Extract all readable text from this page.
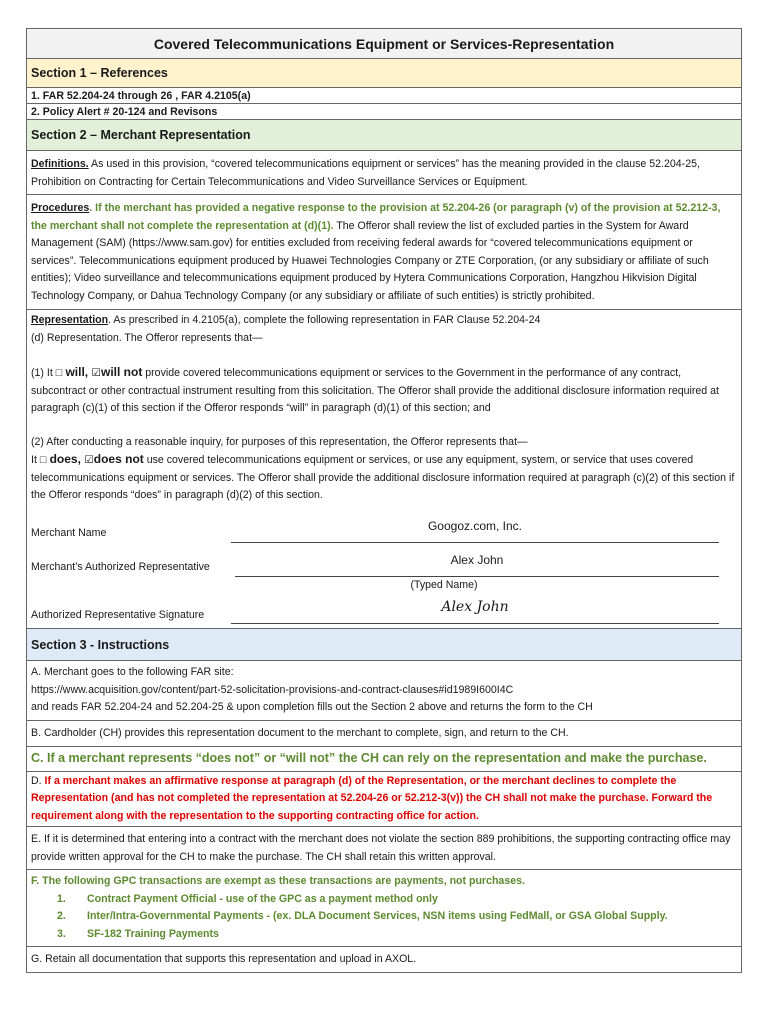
Covered Telecommunications Equipment or Services-Representation
Section 1 – References
1. FAR 52.204-24 through 26 , FAR 4.2105(a)
2. Policy Alert # 20-124 and Revisons
Section 2 – Merchant Representation
Definitions. As used in this provision, “covered telecommunications equipment or services” has the meaning provided in the clause 52.204-25, Prohibition on Contracting for Certain Telecommunications and Video Surveillance Services or Equipment.
Procedures. If the merchant has provided a negative response to the provision at 52.204-26 (or paragraph (v) of the provision at 52.212-3, the merchant shall not complete the representation at (d)(1). The Offeror shall review the list of excluded parties in the System for Award Management (SAM) (https://www.sam.gov) for entities excluded from receiving federal awards for “covered telecommunications equipment or services”. Telecommunications equipment produced by Huawei Technologies Company or ZTE Corporation, (or any subsidiary or affiliate of such entities); Video surveillance and telecommunications equipment produced by Hytera Communications Corporation, Hangzhou Hikvision Digital Technology Company, or Dahua Technology Company (or any subsidiary or affiliate of such entities) is strictly prohibited.
Representation. As prescribed in 4.2105(a), complete the following representation in FAR Clause 52.204-24
(d) Representation. The Offeror represents that—
(1) It □ will, ☑will not provide covered telecommunications equipment or services to the Government in the performance of any contract, subcontract or other contractual instrument resulting from this solicitation. The Offeror shall provide the additional disclosure information required at paragraph (c)(1) of this section if the Offeror responds “will” in paragraph (d)(1) of this section; and
(2) After conducting a reasonable inquiry, for purposes of this representation, the Offeror represents that—
It □ does, ☑does not use covered telecommunications equipment or services, or use any equipment, system, or service that uses covered telecommunications equipment or services. The Offeror shall provide the additional disclosure information required at paragraph (c)(2) of this section if the Offeror responds “does” in paragraph (d)(2) of this section.
Merchant Name
Googoz.com, Inc.
Merchant’s Authorized Representative
Alex John
(Typed Name)
Authorized Representative Signature	Alex John
Section 3 - Instructions
A. Merchant goes to the following FAR site:
https://www.acquisition.gov/content/part-52-solicitation-provisions-and-contract-clauses#id1989I600I4C
and reads FAR 52.204-24 and 52.204-25 & upon completion fills out the Section 2 above and returns the form to the CH
B. Cardholder (CH) provides this representation document to the merchant to complete, sign, and return to the CH.
C. If a merchant represents “does not” or “will not” the CH can rely on the representation and make the purchase.
D. If a merchant makes an affirmative response at paragraph (d) of the Representation, or the merchant declines to complete the Representation (and has not completed the representation at 52.204-26 or 52.212-3(v)) the CH shall not make the purchase. Forward the requirement along with the representation to the supporting contracting office for action.
E. If it is determined that entering into a contract with the merchant does not violate the section 889 prohibitions, the supporting contracting office may provide written approval for the CH to make the purchase. The CH shall retain this written approval.
F. The following GPC transactions are exempt as these transactions are payments, not purchases.
1.	Contract Payment Official - use of the GPC as a payment method only
2.	Inter/Intra-Governmental Payments - (ex. DLA Document Services, NSN items using FedMall, or GSA Global Supply.
3.	SF-182 Training Payments
G. Retain all documentation that supports this representation and upload in AXOL.
